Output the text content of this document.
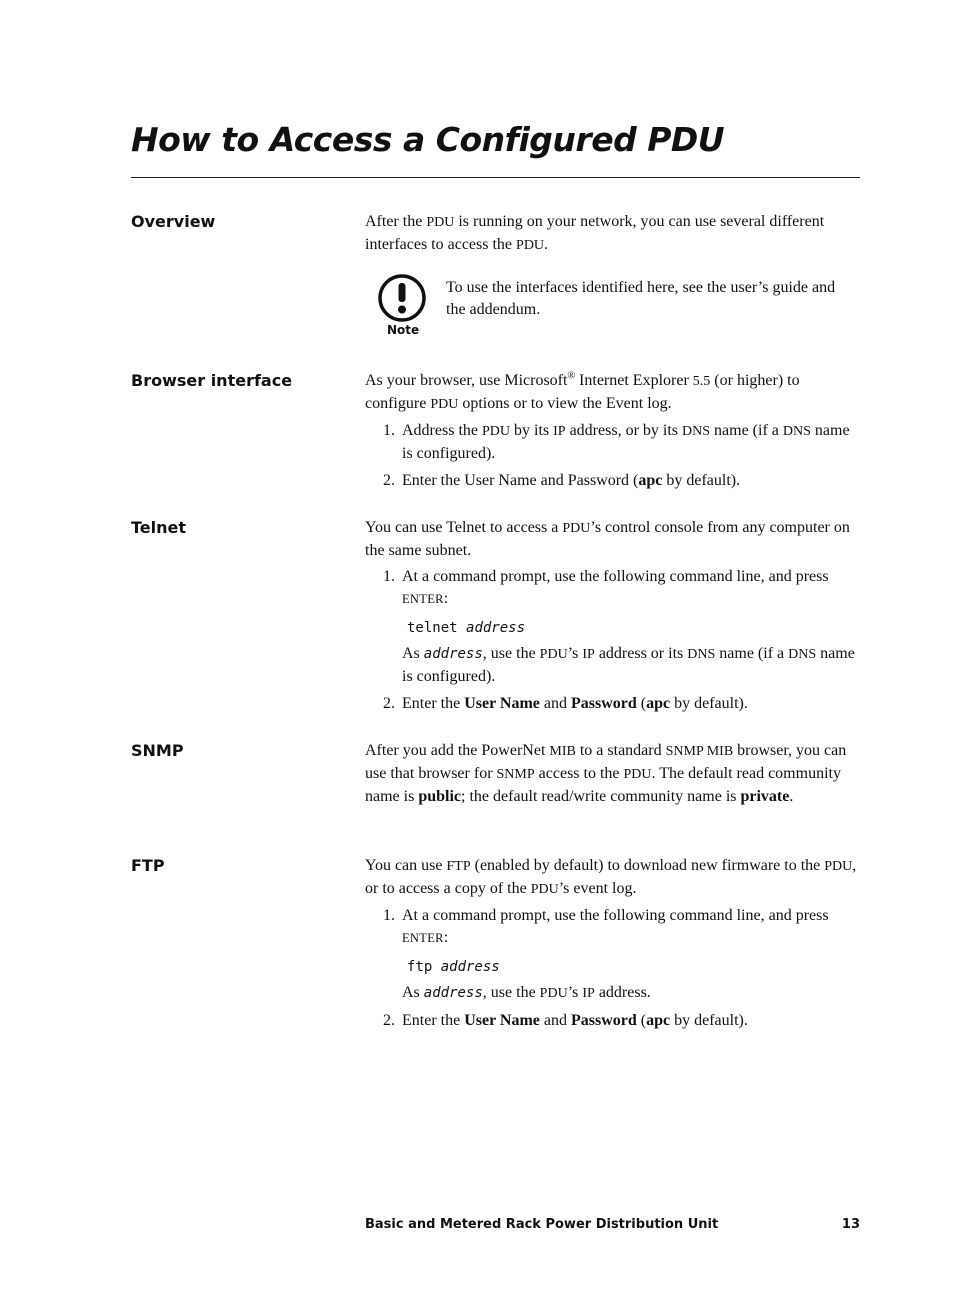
How to Access a Configured PDU
Overview	After the PDU is running on your network, you can use several different interfaces to access the PDU.

Note
To use the interfaces identified here, see the user’s guide and the addendum.
Browser interface	As your browser, use Microsoft® Internet Explorer 5.5 (or higher) to configure PDU options or to view the Event log.

1. Address the PDU by its IP address, or by its DNS name (if a DNS name is configured).
2. Enter the User Name and Password (apc by default).
Telnet	You can use Telnet to access a PDU’s control console from any computer on the same subnet.

1. At a command prompt, use the following command line, and press ENTER:
telnet address
As address, use the PDU’s IP address or its DNS name (if a DNS name is configured).
2. Enter the User Name and Password (apc by default).
SNMP	After you add the PowerNet MIB to a standard SNMP MIB browser, you can use that browser for SNMP access to the PDU. The default read community name is public; the default read/write community name is private.

FTP	You can use FTP (enabled by default) to download new firmware to the PDU, or to access a copy of the PDU’s event log.

1. At a command prompt, use the following command line, and press ENTER:
ftp address
As address, use the PDU’s IP address.
2. Enter the User Name and Password (apc by default).
Basic and Metered Rack Power Distribution Unit	13
